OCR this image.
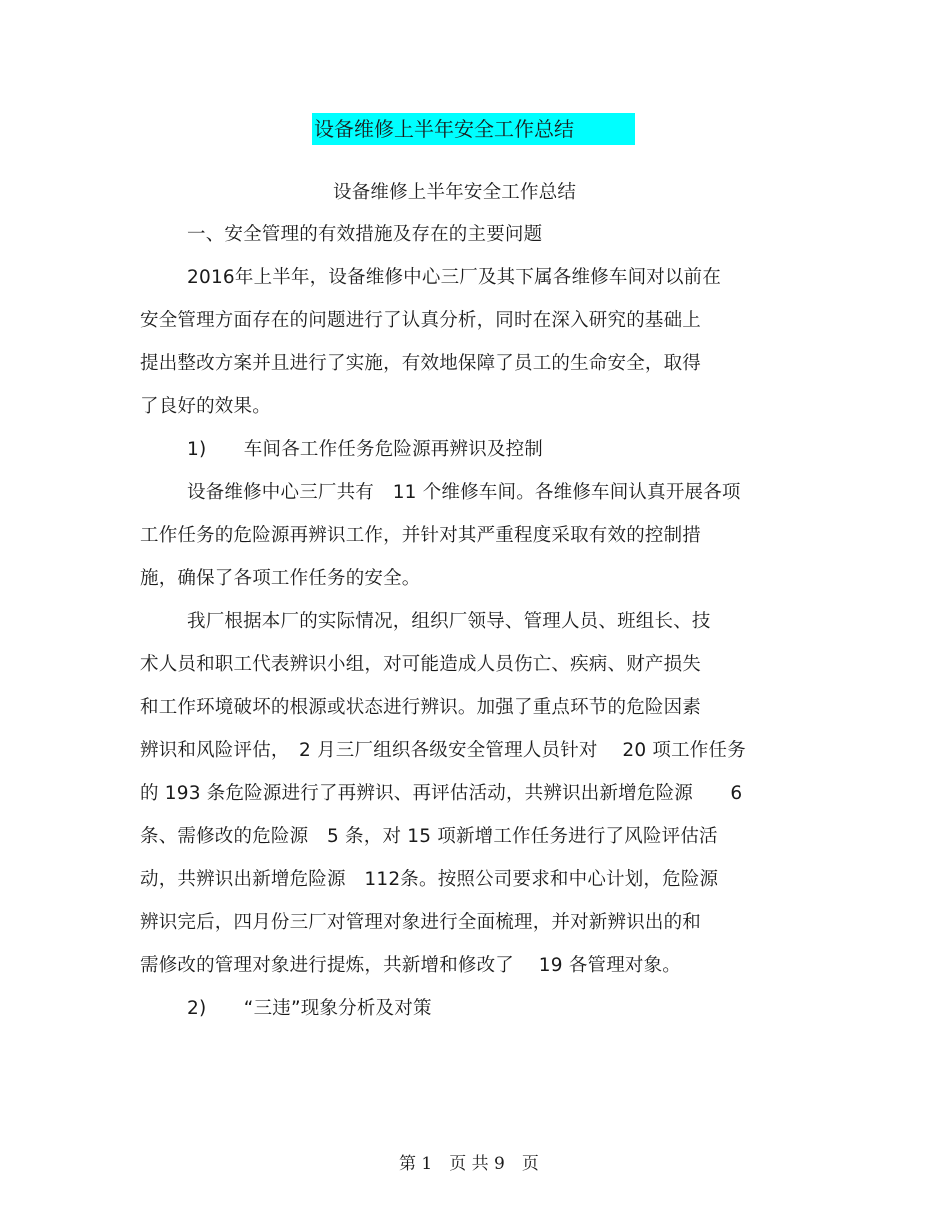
设备维修上半年安全工作总结
设备维修上半年安全工作总结
一、安全管理的有效措施及存在的主要问题
2016年上半年，设备维修中心三厂及其下属各维修车间对以前在
安全管理方面存在的问题进行了认真分析，同时在深入研究的基础上
提出整改方案并且进行了实施，有效地保障了员工的生命安全，取得
了良好的效果。
1)　　车间各工作任务危险源再辨识及控制
设备维修中心三厂共有　11 个维修车间。各维修车间认真开展各项
工作任务的危险源再辨识工作，并针对其严重程度采取有效的控制措
施，确保了各项工作任务的安全。
我厂根据本厂的实际情况，组织厂领导、管理人员、班组长、技
术人员和职工代表辨识小组，对可能造成人员伤亡、疾病、财产损失
和工作环境破坏的根源或状态进行辨识。加强了重点环节的危险因素
辨识和风险评估，　2 月三厂组织各级安全管理人员针对　 20 项工作任务
的 193 条危险源进行了再辨识、再评估活动，共辨识出新增危险源　　6
条、需修改的危险源　5 条，对 15 项新增工作任务进行了风险评估活
动，共辨识出新增危险源　112条。按照公司要求和中心计划，危险源
辨识完后，四月份三厂对管理对象进行全面梳理，并对新辨识出的和
需修改的管理对象进行提炼，共新增和修改了　 19 各管理对象。
2)　　“三违”现象分析及对策
第 1　页 共 9　页
